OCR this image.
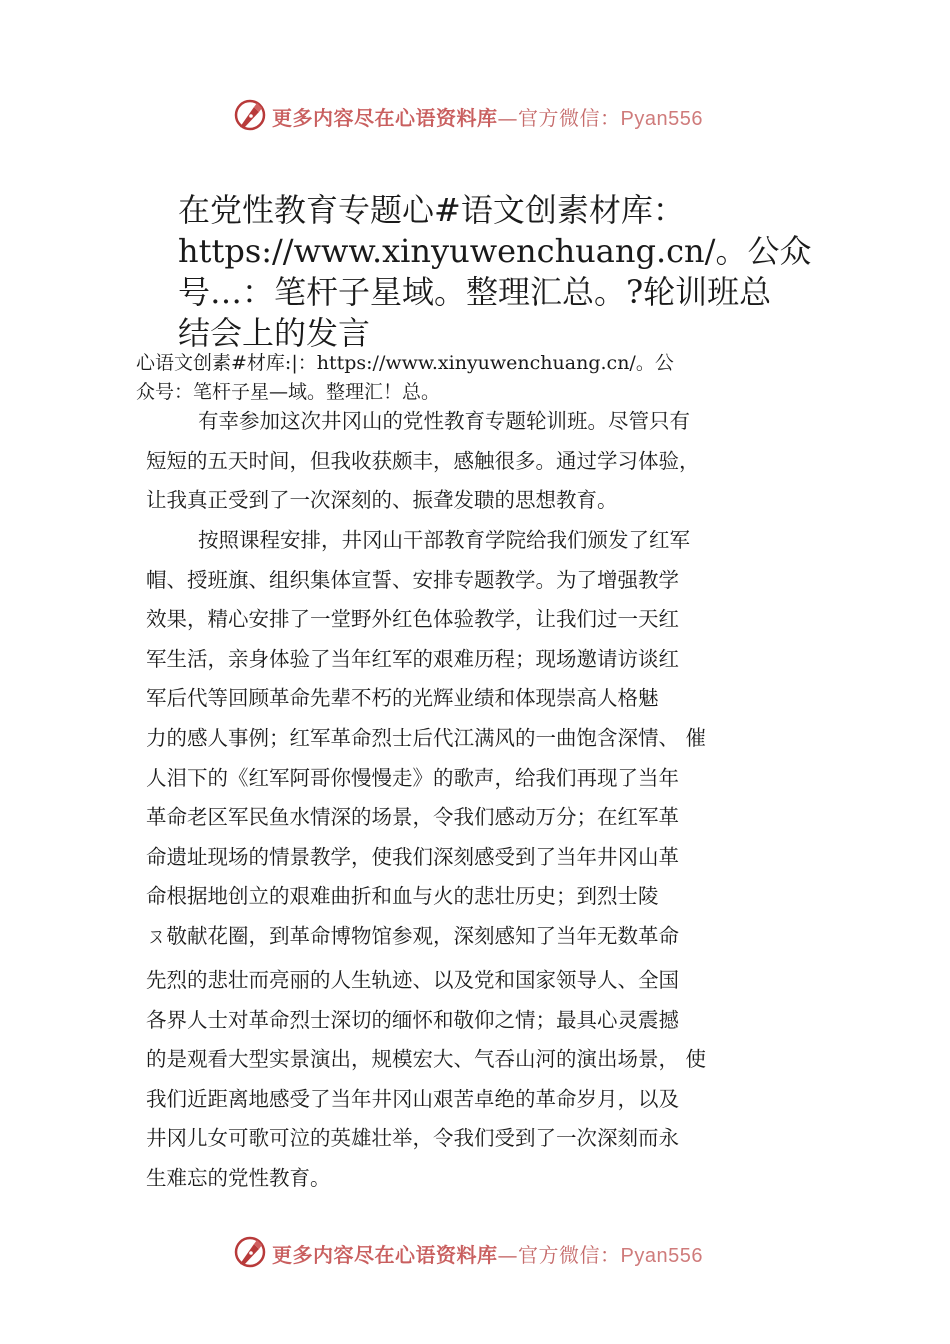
更多内容尽在心语资料库—官方微信：Pyan556
在党性教育专题心#语文创素材库：
https://www.xinyuwenchuang.cn/。公众
号…：笔杆子星域。整理汇总。?轮训班总
结会上的发言
心语文创素#材库:|：https://www.xinyuwenchuang.cn/。公
众号：笔杆子星—域。整理汇！总。
有幸参加这次井冈山的党性教育专题轮训班。尽管只有
短短的五天时间，但我收获颇丰，感触很多。通过学习体验，
让我真正受到了一次深刻的、振聋发聩的思想教育。
按照课程安排，井冈山干部教育学院给我们颁发了红军
帽、授班旗、组织集体宣誓、安排专题教学。为了增强教学
效果，精心安排了一堂野外红色体验教学，让我们过一天红
军生活，亲身体验了当年红军的艰难历程；现场邀请访谈红
军后代等回顾革命先辈不朽的光辉业绩和体现崇高人格魅
力的感人事例；红军革命烈士后代江满风的一曲饱含深情、 催
人泪下的《红军阿哥你慢慢走》的歌声，给我们再现了当年
革命老区军民鱼水情深的场景，令我们感动万分；在红军革
命遗址现场的情景教学，使我们深刻感受到了当年井冈山革
命根据地创立的艰难曲折和血与火的悲壮历史；到烈士陵
ㄡ敬献花圈，到革命博物馆参观，深刻感知了当年无数革命
先烈的悲壮而亮丽的人生轨迹、以及党和国家领导人、全国
各界人士对革命烈士深切的缅怀和敬仰之情；最具心灵震撼
的是观看大型实景演出，规模宏大、气吞山河的演出场景， 使
我们近距离地感受了当年井冈山艰苦卓绝的革命岁月，以及
井冈儿女可歌可泣的英雄壮举，令我们受到了一次深刻而永
生难忘的党性教育。
更多内容尽在心语资料库—官方微信：Pyan556
